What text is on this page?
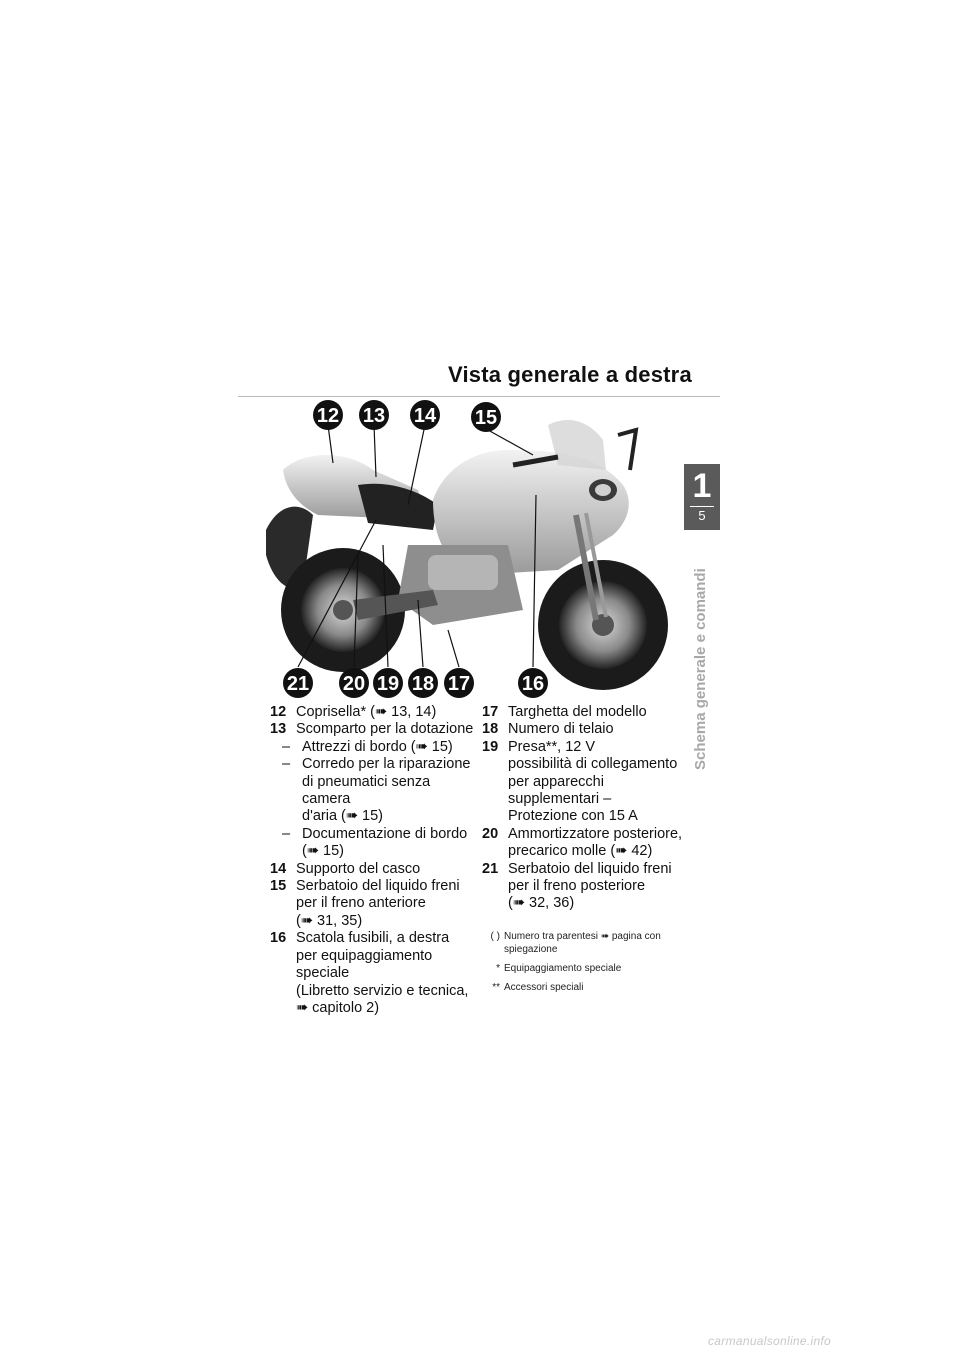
Vista generale a destra
1
5
Schema generale e comandi
12 13 14 15
21 20 19 18 17	16
12 Coprisella* (➠ 13, 14)
13 Scomparto per la dotazione
– Attrezzi di bordo (➠ 15)
– Corredo per la riparazione
di pneumatici senza camera
d'aria (➠ 15)
– Documentazione di bordo
(➠ 15)
14 Supporto del casco
15 Serbatoio del liquido freni
per il freno anteriore
(➠ 31, 35)
16 Scatola fusibili, a destra
per equipaggiamento
speciale
(Libretto servizio e tecnica,
➠ capitolo 2)
17 Targhetta del modello
18 Numero di telaio
19 Presa**, 12 V
possibilità di collegamento
per apparecchi
supplementari –
Protezione con 15 A
20 Ammortizzatore posteriore,
precarico molle (➠ 42)
21 Serbatoio del liquido freni
per il freno posteriore
(➠ 32, 36)
( ) Numero tra parentesi ➠ pagina con
spiegazione
* Equipaggiamento speciale
** Accessori speciali
carmanualsonline.info
